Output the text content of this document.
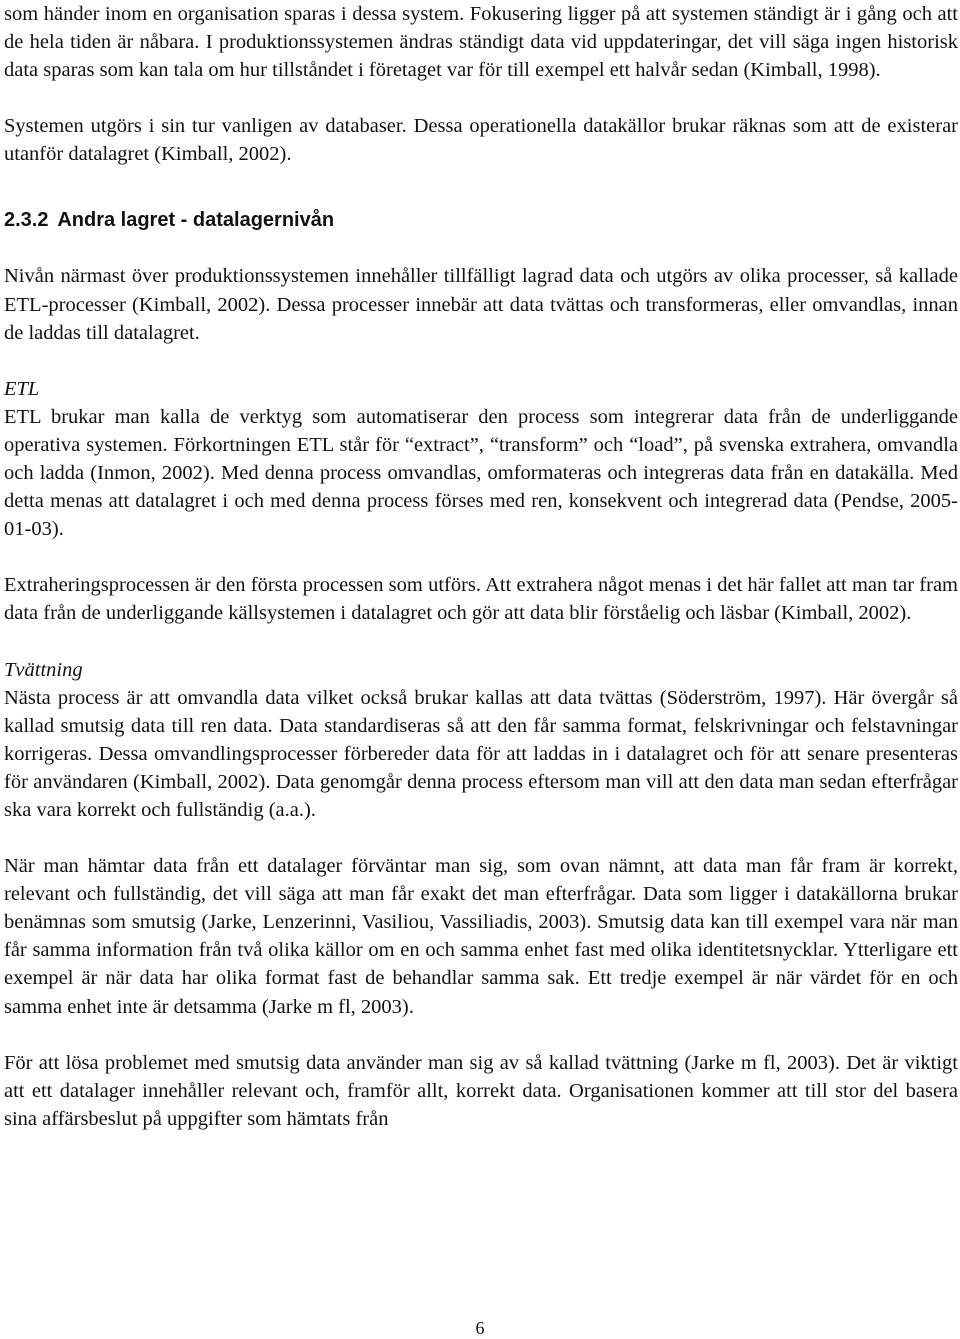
som händer inom en organisation sparas i dessa system. Fokusering ligger på att systemen ständigt är i gång och att de hela tiden är nåbara. I produktionssystemen ändras ständigt data vid uppdateringar, det vill säga ingen historisk data sparas som kan tala om hur tillståndet i företaget var för till exempel ett halvår sedan (Kimball, 1998).

Systemen utgörs i sin tur vanligen av databaser. Dessa operationella datakällor brukar räknas som att de existerar utanför datalagret (Kimball, 2002).

2.3.2 Andra lagret - datalagernivån

Nivån närmast över produktionssystemen innehåller tillfälligt lagrad data och utgörs av olika processer, så kallade ETL-processer (Kimball, 2002). Dessa processer innebär att data tvättas och transformeras, eller omvandlas, innan de laddas till datalagret.

ETL

ETL brukar man kalla de verktyg som automatiserar den process som integrerar data från de underliggande operativa systemen. Förkortningen ETL står för “extract”, “transform” och “load”, på svenska extrahera, omvandla och ladda (Inmon, 2002). Med denna process omvandlas, omformateras och integreras data från en datakälla. Med detta menas att datalagret i och med denna process förses med ren, konsekvent och integrerad data (Pendse, 2005-01-03).

Extraheringsprocessen är den första processen som utförs. Att extrahera något menas i det här fallet att man tar fram data från de underliggande källsystemen i datalagret och gör att data blir förståelig och läsbar (Kimball, 2002).

Tvättning

Nästa process är att omvandla data vilket också brukar kallas att data tvättas (Söderström, 1997). Här övergår så kallad smutsig data till ren data. Data standardiseras så att den får samma format, felskrivningar och felstavningar korrigeras. Dessa omvandlingsprocesser förbereder data för att laddas in i datalagret och för att senare presenteras för användaren (Kimball, 2002). Data genomgår denna process eftersom man vill att den data man sedan efterfrågar ska vara korrekt och fullständig (a.a.).

När man hämtar data från ett datalager förväntar man sig, som ovan nämnt, att data man får fram är korrekt, relevant och fullständig, det vill säga att man får exakt det man efterfrågar. Data som ligger i datakällorna brukar benämnas som smutsig (Jarke, Lenzerinni, Vasiliou, Vassiliadis, 2003). Smutsig data kan till exempel vara när man får samma information från två olika källor om en och samma enhet fast med olika identitetsnycklar. Ytterligare ett exempel är när data har olika format fast de behandlar samma sak. Ett tredje exempel är när värdet för en och samma enhet inte är detsamma (Jarke m fl, 2003).

För att lösa problemet med smutsig data använder man sig av så kallad tvättning (Jarke m fl, 2003). Det är viktigt att ett datalager innehåller relevant och, framför allt, korrekt data. Organisationen kommer att till stor del basera sina affärsbeslut på uppgifter som hämtats från

6
